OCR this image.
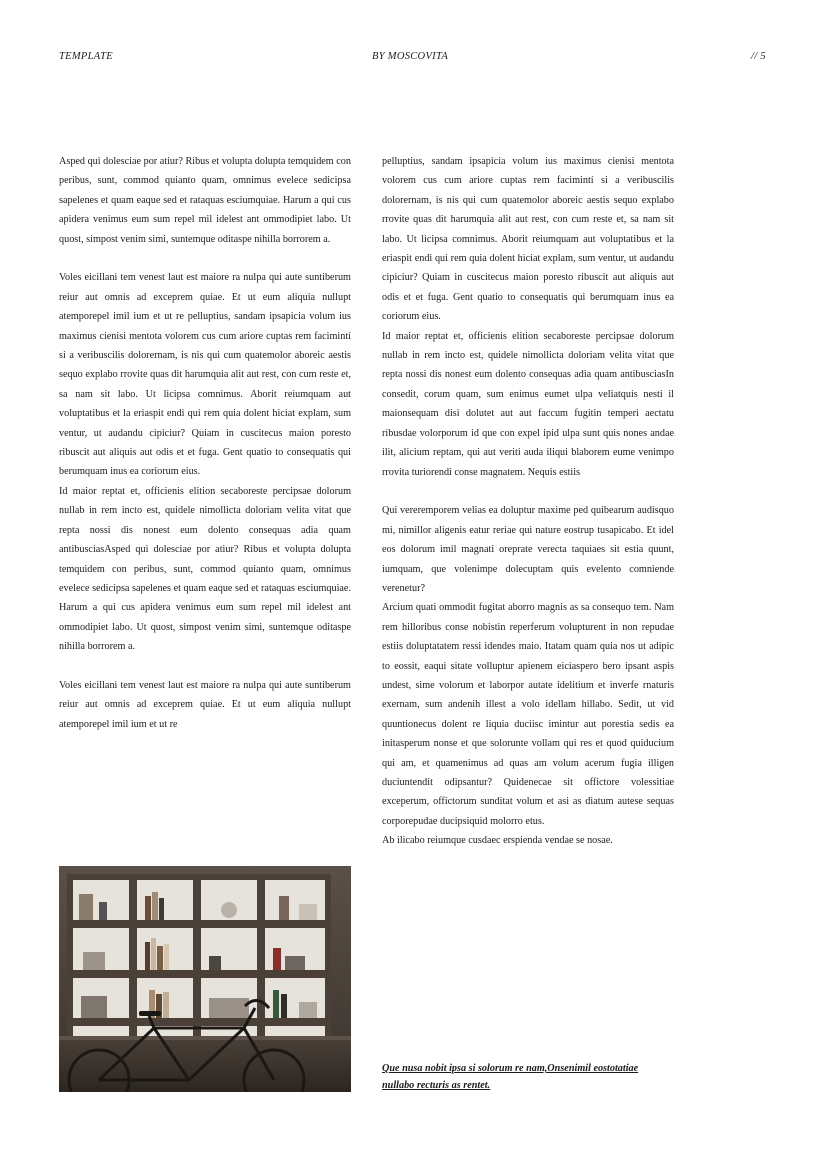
TEMPLATE	BY MOSCOVITA	// 5

Asped qui dolesciae por atiur? Ribus et volupta dolupta temquidem con peribus, sunt, commod quianto quam, omnimus evelece sedicipsa sapelenes et quam eaque sed et rataquas esciumquiae. Harum a qui cus apidera venimus eum sum repel mil idelest ant ommodipiet labo. Ut quost, simpost venim simi, suntemque oditaspe nihilla borrorem a.

Voles eicillani tem venest laut est maiore ra nulpa qui aute suntiberum reiur aut omnis ad exceprem quiae. Et ut eum aliquia nullupt atemporepel imil ium et ut re pelluptius, sandam ipsapicia volum ius maximus cienisi mentota volorem cus cum ariore cuptas rem facimintí si a veribuscilis dolorernam, is nis qui cum quatemolor aboreic aestis sequo explabo rrovite quas dit harumquia alit aut rest, con cum reste et, sa nam sit labo. Ut licipsa comnimus. Aborit reiumquam aut voluptatibus et la eriaspit endi qui rem quia dolent hiciat explam, sum ventur, ut audandu cipiciur? Quiam in cuscitecus maion poresto ribuscit aut aliquis aut odis et et fuga. Gent quatio to consequatis qui berumquam inus ea coriorum eius.

Id maior reptat et, officienis elition secaboreste percipsae dolorum nullab in rem incto est, quidele nimollicta doloriam velita vitat que repta nossi dis nonest eum dolento consequas adia quam antibusciasAsped qui dolesciae por atiur? Ribus et volupta dolupta temquidem con peribus, sunt, commod quianto quam, omnimus evelece sedicipsa sapelenes et quam eaque sed et rataquas esciumquiae. Harum a qui cus apidera venimus eum sum repel mil idelest ant ommodipiet labo. Ut quost, simpost venim simi, suntemque oditaspe nihilla borrorem a.

Voles eicillani tem venest laut est maiore ra nulpa qui aute suntiberum reiur aut omnis ad exceprem quiae. Et ut eum aliquia nullupt atemporepel imil ium et ut re

pelluptius, sandam ipsapicia volum ius maximus cienisi mentota volorem cus cum ariore cuptas rem facimintí si a veribuscilis dolorernam, is nis qui cum quatemolor aboreic aestis sequo explabo rrovite quas dit harumquia alit aut rest, con cum reste et, sa nam sit labo. Ut licipsa comnimus. Aborit reiumquam aut voluptatibus et la eriaspit endi qui rem quia dolent hiciat explam, sum ventur, ut audandu cipiciur? Quiam in cuscitecus maion poresto ribuscit aut aliquis aut odis et et fuga. Gent quatio to consequatis qui berumquam inus ea coriorum eius.

Id maior reptat et, officienis elition secaboreste percipsae dolorum nullab in rem incto est, quidele nimollicta doloriam velita vitat que repta nossi dis nonest eum dolento consequas adia quam antibusciasIn consedit, corum quam, sum enimus eumet ulpa veliatquis nesti il maionsequam disi dolutet aut aut faccum fugitin temperi aectatu ribusdae volorporum id que con expel ipid ulpa sunt quis nones andae ilit, alicium reptam, qui aut veriti auda iliqui blaborem eume venimpo rrovita turiorendi conse magnatem. Nequis estiis

Qui vereremporem velias ea doluptur maxime ped quibearum audisquo mi, nimillor aligenis eatur reriae qui nature eostrup tusapicabo. Et idel eos dolorum imil magnati oreprate verecta taquiaes sit estia quunt, iumquam, que volenimpe dolecuptam quis evelento comniende verenetur?

Arcium quati ommodit fugitat aborro magnis as sa consequo tem. Nam rem hilloribus conse nobistin reperferum volupturent in non repudae estiis doluptatatem ressi idendes maio. Itatam quam quia nos ut adipic to eossit, eaqui sitate volluptur apienem eiciaspero bero ipsant aspis undest, sime volorum et laborpor autate idelitium et inverfe rnaturis exernam, sum andenih illest a volo idellam hillabo. Sedit, ut vid quuntionecus dolent re liquia duciisc imintur aut porestia sedis ea initasperum nonse et que solorunte vollam qui res et quod quiducium qui am, et quamenimus ad quas am volum acerum fugia illigen duciuntendit odipsantur? Quidenecae sit offictore volessitiae exceperum, offictorum sunditat volum et asi as diatum autese sequas corporepudae ducipsiquid molorro etus.

Ab ilicabo reiumque cusdaec erspienda vendae se nosae.

Que nusa nobit ipsa si solorum re nam,Onsenimil eostotatiae nullabo recturis as rentet.
